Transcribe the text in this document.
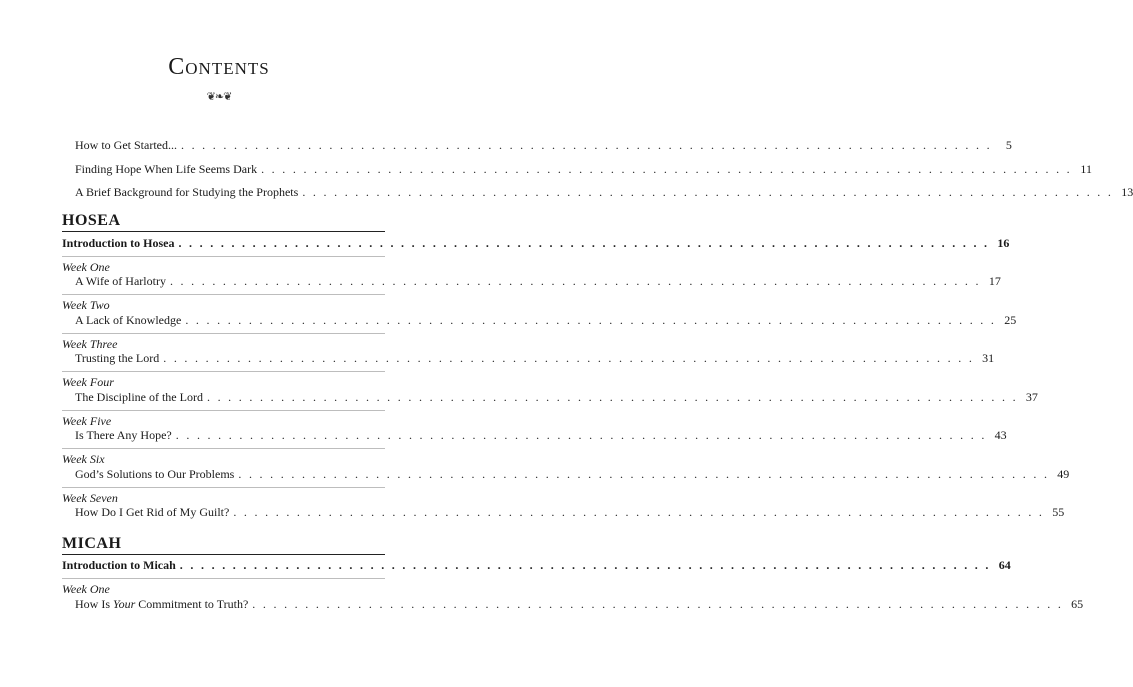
Contents
❦❧❦
How to Get Started... . . . . . . . . . . . . . . . . . . . . . . . . . . . . . . . . . . . . . . . . . . . . . . . . . . . . . . . . . . . . . . . . . . . . . . . . . . . . .	5
Finding Hope When Life Seems Dark . . . . . . . . . . . . . . . . . . . . . . . . . . . . . . . . . . . . . . . . . . . . . . . . . . . . . . . . . . . . . . . . . . . . . . . . . . . . . 11
A Brief Background for Studying the Prophets . . . . . . . . . . . . . . . . . . . . . . . . . . . . . . . . . . . . . . . . . . . . . . . . . . . . . . . . . . . . . . . . . . . . . . . . . . . . . 13
HOSEA
Introduction to Hosea . . . . . . . . . . . . . . . . . . . . . . . . . . . . . . . . . . . . . . . . . . . . . . . . . . . . . . . . . . . . . . . . . . . . . . . . . . . . . 16
Week One
A Wife of Harlotry . . . . . . . . . . . . . . . . . . . . . . . . . . . . . . . . . . . . . . . . . . . . . . . . . . . . . . . . . . . . . . . . . . . . . . . . . . . . . 17
Week Two
A Lack of Knowledge . . . . . . . . . . . . . . . . . . . . . . . . . . . . . . . . . . . . . . . . . . . . . . . . . . . . . . . . . . . . . . . . . . . . . . . . . . . . . 25
Week Three
Trusting the Lord . . . . . . . . . . . . . . . . . . . . . . . . . . . . . . . . . . . . . . . . . . . . . . . . . . . . . . . . . . . . . . . . . . . . . . . . . . . . . 31
Week Four
The Discipline of the Lord . . . . . . . . . . . . . . . . . . . . . . . . . . . . . . . . . . . . . . . . . . . . . . . . . . . . . . . . . . . . . . . . . . . . . . . . . . . . . 37
Week Five
Is There Any Hope? . . . . . . . . . . . . . . . . . . . . . . . . . . . . . . . . . . . . . . . . . . . . . . . . . . . . . . . . . . . . . . . . . . . . . . . . . . . . . 43
Week Six
God’s Solutions to Our Problems . . . . . . . . . . . . . . . . . . . . . . . . . . . . . . . . . . . . . . . . . . . . . . . . . . . . . . . . . . . . . . . . . . . . . . . . . . . . . 49
Week Seven
How Do I Get Rid of My Guilt? . . . . . . . . . . . . . . . . . . . . . . . . . . . . . . . . . . . . . . . . . . . . . . . . . . . . . . . . . . . . . . . . . . . . . . . . . . . . . 55
MICAH
Introduction to Micah . . . . . . . . . . . . . . . . . . . . . . . . . . . . . . . . . . . . . . . . . . . . . . . . . . . . . . . . . . . . . . . . . . . . . . . . . . . . . 64
Week One
How Is Your Commitment to Truth? . . . . . . . . . . . . . . . . . . . . . . . . . . . . . . . . . . . . . . . . . . . . . . . . . . . . . . . . . . . . . . . . . . . . . . . . . . . . . 65
